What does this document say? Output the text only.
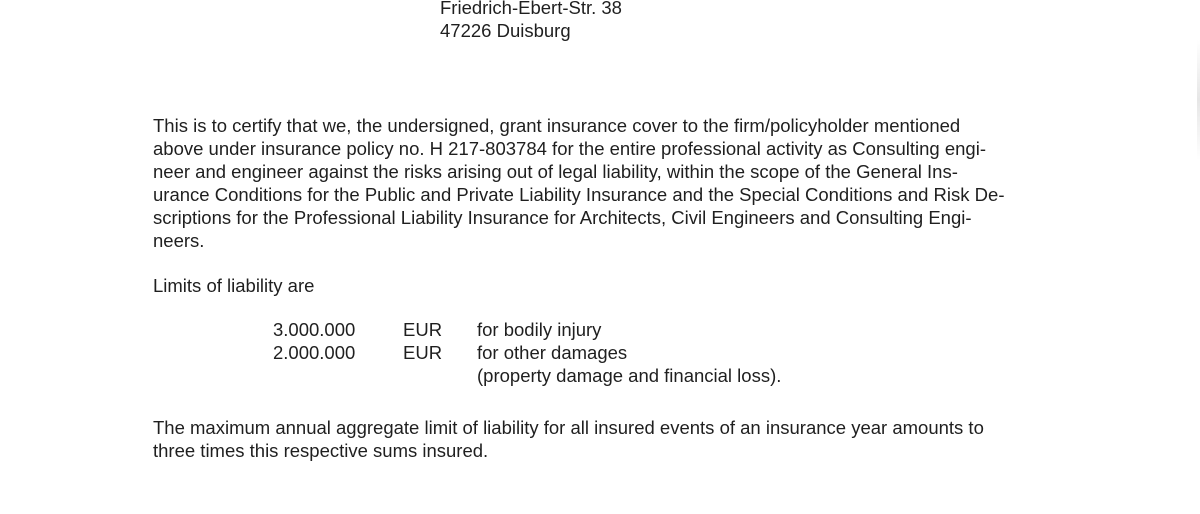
Friedrich-Ebert-Str. 38
47226 Duisburg
This is to certify that we, the undersigned, grant insurance cover to the firm/policyholder mentioned
above under insurance policy no. H 217-803784 for the entire professional activity as Consulting engi-
neer and engineer against the risks arising out of legal liability, within the scope of the General Ins-
urance Conditions for the Public and Private Liability Insurance and the Special Conditions and Risk De-
scriptions for the Professional Liability Insurance for Architects, Civil Engineers and Consulting Engi-
neers.
Limits of liability are
3.000.000	EUR for bodily injury
2.000.000	EUR for other damages
(property damage and financial loss).
The maximum annual aggregate limit of liability for all insured events of an insurance year amounts to
three times this respective sums insured.
